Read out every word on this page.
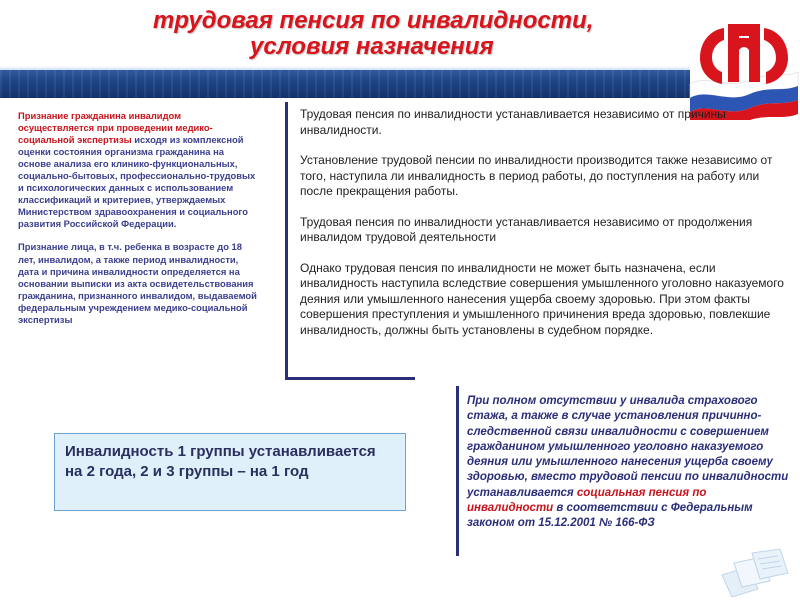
трудовая пенсия по инвалидности,
условия назначения

Признание гражданина инвалидом осуществляется при проведении медико-социальной экспертизы исходя из комплексной оценки состояния организма гражданина на основе анализа его клинико-функциональных, социально-бытовых, профессионально-трудовых и психологических данных с использованием классификаций и критериев, утверждаемых Министерством здравоохранения и социального развития Российской Федерации.

Признание лица, в т.ч. ребенка в возрасте до 18 лет, инвалидом, а также период инвалидности, дата и причина инвалидности определяется на основании выписки из акта освидетельствования гражданина, признанного инвалидом, выдаваемой федеральным учреждением медико-социальной экспертизы

Трудовая пенсия по инвалидности устанавливается независимо от причины инвалидности.

Установление трудовой пенсии по инвалидности производится также независимо от того, наступила ли инвалидность в период работы, до поступления на работу или после прекращения работы.

Трудовая пенсия по инвалидности устанавливается независимо от продолжения инвалидом трудовой деятельности

Однако трудовая пенсия по инвалидности не может быть назначена, если инвалидность наступила вследствие совершения умышленного уголовно наказуемого деяния или умышленного нанесения ущерба своему здоровью. При этом факты совершения преступления и умышленного причинения вреда здоровью, повлекшие инвалидность, должны быть установлены в судебном порядке.

Инвалидность 1 группы устанавливается на 2 года, 2 и 3 группы – на 1 год
При полном отсутствии у инвалида страхового стажа, а также в случае установления причинно-следственной связи инвалидности с совершением гражданином умышленного уголовно наказуемого деяния или умышленного нанесения ущерба своему здоровью, вместо трудовой пенсии по инвалидности устанавливается социальная пенсия по инвалидности в соответствии с Федеральным законом от 15.12.2001 № 166-ФЗ
